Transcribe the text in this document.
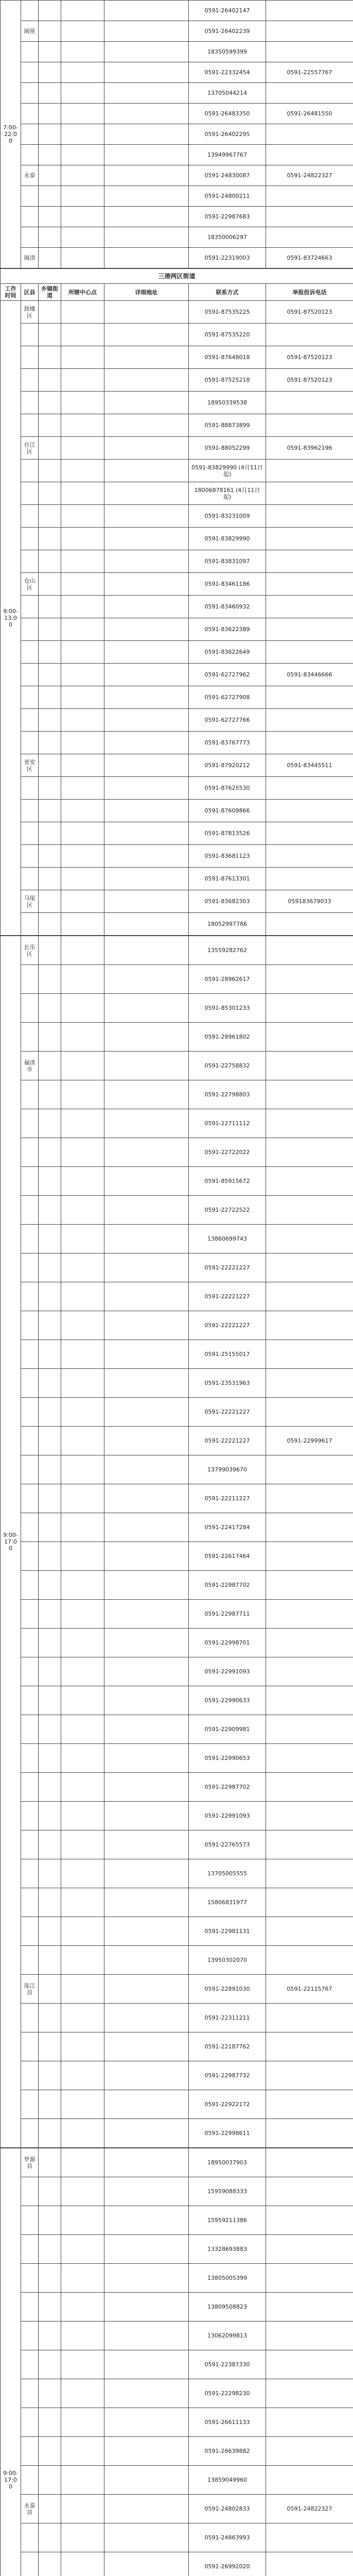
7:00-22:00					0591-26402147	
	闽侯				0591-26402239	
					18350599399	
					0591-22332454	0591-22557767
					13705044214	
					0591-26483350	0591-26481550
					0591-26402295	
					13949967767	
	永泰				0591-24830087	0591-24822327
					0591-24800211	
					0591-22987683	
					18350006297	
	闽清				0591-22319003	0591-83724663
三港两区街道						
工作时间	区县	乡镇街道	所辖中心点	详细地址	联系方式	举报投诉电话
9:00-13:00	鼓楼区				0591-87535225	0591-87520123
					0591-87535220	
					0591-87648018	0591-87520123
					0591-87525218	0591-87520123
					18950339538	
					0591-88873899	
	台江区				0591-88052299	0591-83962196
					0591-83829990 (4月11日起)	
					18006878161 (4月11日起)	
					0591-83231009	
					0591-83829990	
					0591-83831097	
	仓山区				0591-83461186	
					0591-83460932	
					0591-83622389	
					0591-83622649	
					0591-62727962	0591-83446666
					0591-62727908	
					0591-62727766	
					0591-83767773	
	晋安区				0591-87920212	0591-83445511
					0591-87625530	
					0591-87609866	
					0591-87813526	
					0591-83681123	
					0591-87613301	
	马尾区				0591-83682303	059183679033
					18052997786	
9:00-17:00	长乐区				13559282762	
					0591-28962617	
					0591-85301233	
					0591-28961802	
	福清市				0591-22758832	
					0591-22798803	
					0591-22711112	
					0591-22722022	
					0591-85915672	
					0591-22722522	
					13860699743	
					0591-22221227	
					0591-22221227	
					0591-22221227	
					0591-25155017	
					0591-23531963	
					0591-22221227	
					0591-22221227	0591-22999617
					13799039670	
					0591-22211227	
					0591-22417284	
					0591-22617464	
					0591-22987702	
					0591-22987711	
					0591-22998701	
					0591-22991093	
					0591-22990633	
					0591-22909981	
					0591-22990653	
					0591-22987702	
					0591-22991093	
					0591-22765573	
					13705005555	
					15806831977	
					0591-22981131	
					13950302070	
	连江县				0591-22891030	0591-22115767
					0591-22311211	
					0591-22187762	
					0591-22987732	
					0591-22922172	
					0591-22998611	
9:00-17:00	罗源县				18950037903	
					15959088333	
					15959211386	
					13328693883	
					13805005399	
					13809508823	
					13062099813	
					0591-22387330	
					0591-22298230	
					0591-26611133	
					0591-26639882	
					13859049960	
	永泰县				0591-24802833	0591-24822327
					0591-24863993	
					0591-26992020	
